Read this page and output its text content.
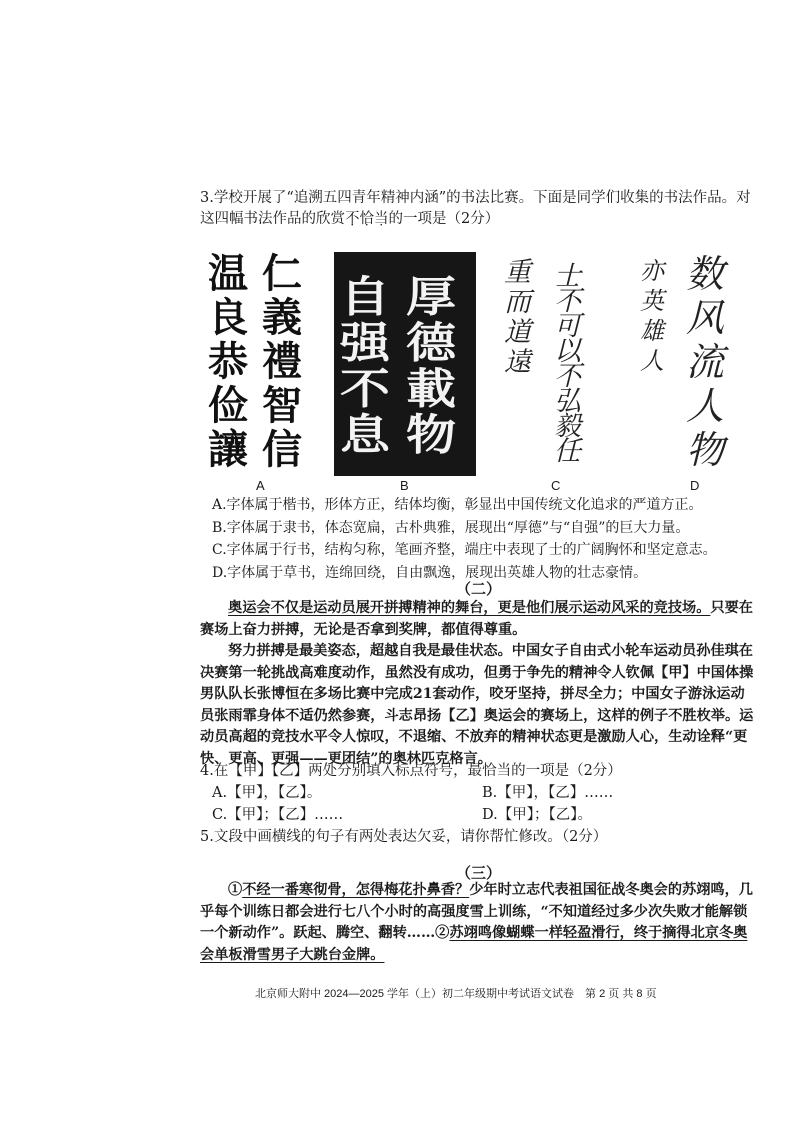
3.学校开展了“追溯五四青年精神内涵”的书法比赛。下面是同学们收集的书法作品。对这四幅书法作品的欣赏不恰当的一项是（2分）
温
良
恭
俭
讓
仁
義
禮
智
信
自
强
不
息
厚
德
載
物
重
而
道
遠
士
不
可
以
不
弘
毅
任
亦
英
雄
人
数
风
流
人
物
A	B	C	D
A.字体属于楷书，形体方正，结体均衡，彰显出中国传统文化追求的严道方正。
B.字体属于隶书，体态宽扁，古朴典雅，展现出“厚德”与“自强”的巨大力量。
C.字体属于行书，结构匀称，笔画齐整，端庄中表现了士的广阔胸怀和坚定意志。
D.字体属于草书，连绵回绕，自由飘逸，展现出英雄人物的壮志豪情。
（二）
奥运会不仅是运动员展开拼搏精神的舞台，更是他们展示运动风采的竞技场。只要在赛场上奋力拼搏，无论是否拿到奖牌，都值得尊重。
努力拼搏是最美姿态，超越自我是最佳状态。中国女子自由式小轮车运动员孙佳琪在决赛第一轮挑战高难度动作，虽然没有成功，但勇于争先的精神令人钦佩【甲】中国体操男队队长张博恒在多场比赛中完成21套动作，咬牙坚持，拼尽全力；中国女子游泳运动员张雨霏身体不适仍然参赛，斗志昂扬【乙】奥运会的赛场上，这样的例子不胜枚举。运动员高超的竞技水平令人惊叹，不退缩、不放弃的精神状态更是激励人心，生动诠释“更快、更高、更强——更团结”的奥林匹克格言。
4.在【甲】【乙】两处分别填入标点符号，最恰当的一项是（2分）
A.【甲】，【乙】。	B.【甲】，【乙】……
C.【甲】；【乙】……	D.【甲】；【乙】。
5.文段中画横线的句子有两处表达欠妥，请你帮忙修改。（2分）
（三）
①不经一番寒彻骨，怎得梅花扑鼻香？少年时立志代表祖国征战冬奥会的苏翊鸣，几乎每个训练日都会进行七八个小时的高强度雪上训练，“不知道经过多少次失败才能解锁一个新动作”。跃起、腾空、翻转……②苏翊鸣像蝴蝶一样轻盈滑行，终于摘得北京冬奥会单板滑雪男子大跳台金牌。
北京师大附中 2024—2025 学年（上）初二年级期中考试语文试卷　第 2 页 共 8 页
